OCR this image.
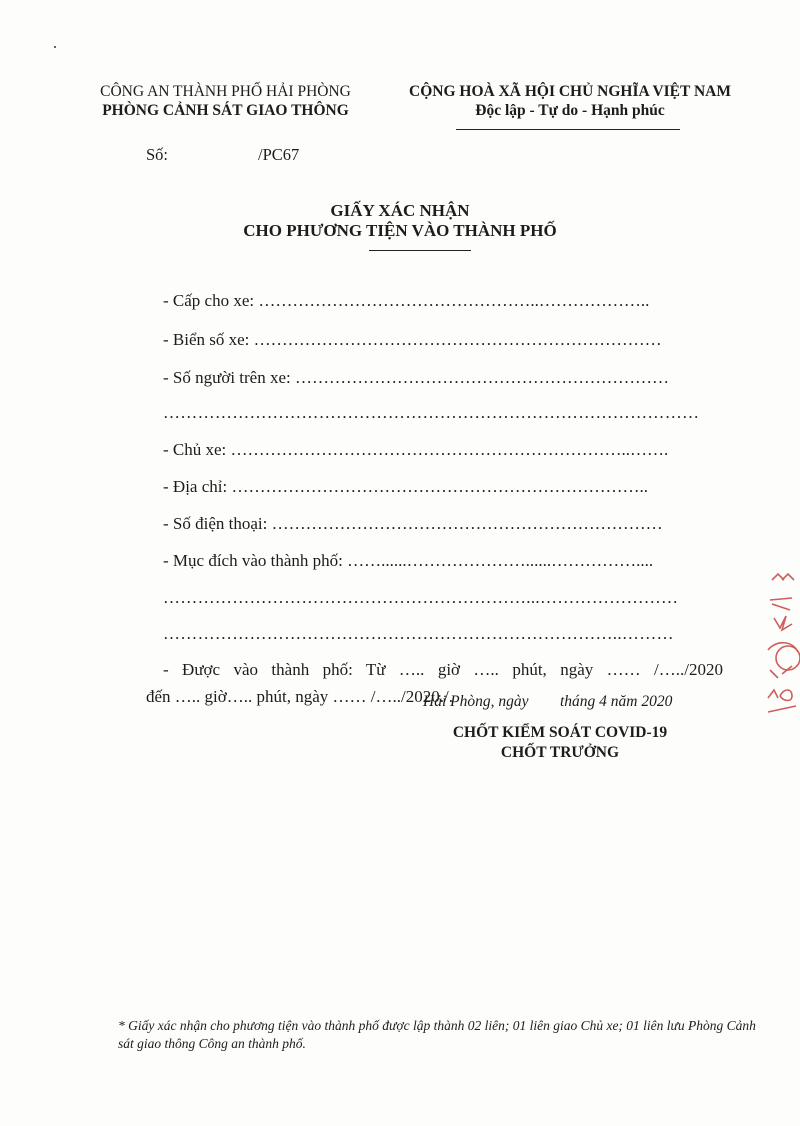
CÔNG AN THÀNH PHỐ HẢI PHÒNG
PHÒNG CẢNH SÁT GIAO THÔNG
CỘNG HOÀ XÃ HỘI CHỦ NGHĨA VIỆT NAM
Độc lập - Tự do - Hạnh phúc
Số:	/PC67
GIẤY XÁC NHẬN
CHO PHƯƠNG TIỆN VÀO THÀNH PHỐ
- Cấp cho xe: …………………………………………..………………..
- Biển số xe: ………………………………………………………………
- Số người trên xe: …………………………………………………………
…………………………………………………………………………………
- Chủ xe: ……………………………………………………………..…….
- Địa chỉ: ………………………………………………………………..
- Số điện thoại: ……………………………………………………………
- Mục đích vào thành phố: ……......…………………......……………....
………………………………………………………...……………………
……………………………………………………………………..………
- Được vào thành phố: Từ ….. giờ ….. phút, ngày …… /…../2020
đến ….. giờ….. phút, ngày …… /…../2020./.
Hải Phòng, ngày tháng 4 năm 2020
CHỐT KIỂM SOÁT COVID-19
CHỐT TRƯỞNG
* Giấy xác nhận cho phương tiện vào thành phố được lập thành 02 liên; 01 liên giao Chủ xe; 01 liên lưu Phòng Cảnh sát giao thông Công an thành phố.
